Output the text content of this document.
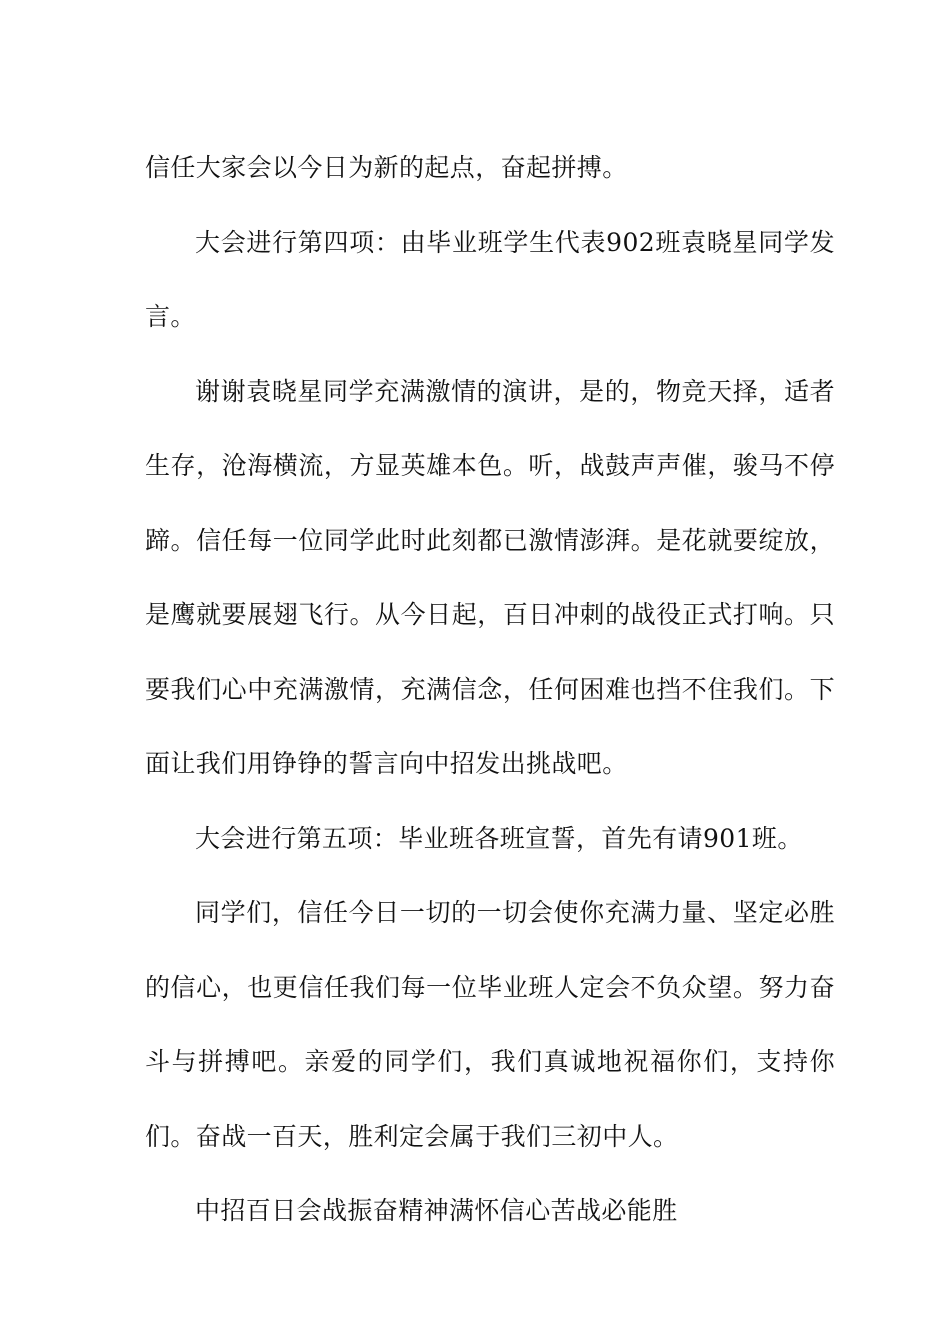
信任大家会以今日为新的起点，奋起拼搏。

大会进行第四项：由毕业班学生代表902班袁晓星同学发言。

谢谢袁晓星同学充满激情的演讲，是的，物竞天择，适者生存，沧海横流，方显英雄本色。听，战鼓声声催，骏马不停蹄。信任每一位同学此时此刻都已激情澎湃。是花就要绽放，是鹰就要展翅飞行。从今日起，百日冲刺的战役正式打响。只要我们心中充满激情，充满信念，任何困难也挡不住我们。下面让我们用铮铮的誓言向中招发出挑战吧。

大会进行第五项：毕业班各班宣誓，首先有请901班。

同学们，信任今日一切的一切会使你充满力量、坚定必胜的信心，也更信任我们每一位毕业班人定会不负众望。努力奋斗与拼搏吧。亲爱的同学们，我们真诚地祝福你们，支持你们。奋战一百天，胜利定会属于我们三初中人。

中招百日会战振奋精神满怀信心苦战必能胜
